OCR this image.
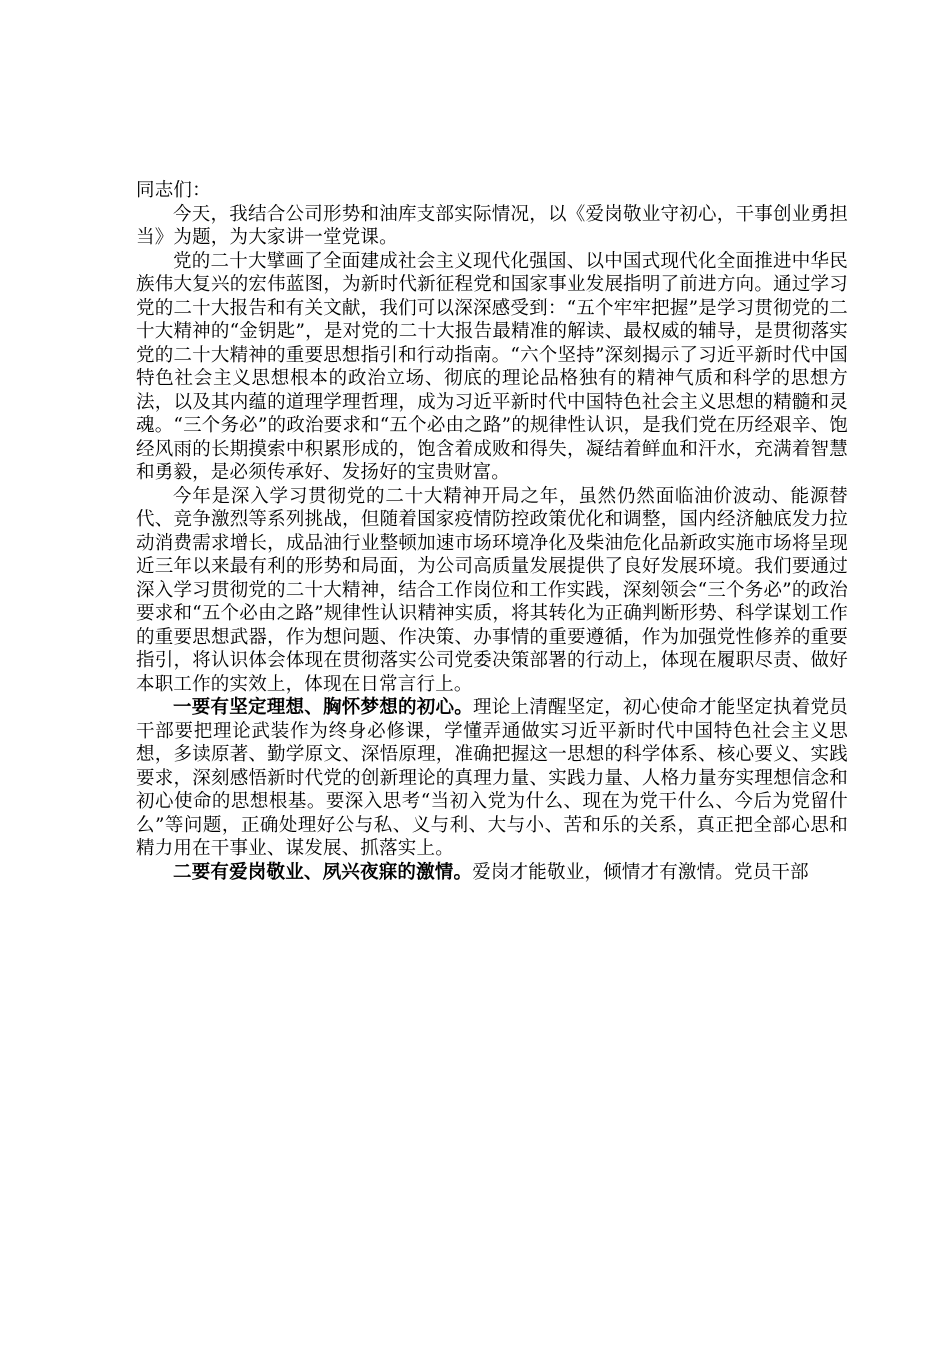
同志们：

今天，我结合公司形势和油库支部实际情况，以《爱岗敬业守初心，干事创业勇担当》为题，为大家讲一堂党课。

党的二十大擘画了全面建成社会主义现代化强国、以中国式现代化全面推进中华民族伟大复兴的宏伟蓝图，为新时代新征程党和国家事业发展指明了前进方向。通过学习党的二十大报告和有关文献，我们可以深深感受到：“五个牢牢把握”是学习贯彻党的二十大精神的“金钥匙”，是对党的二十大报告最精准的解读、最权威的辅导，是贯彻落实党的二十大精神的重要思想指引和行动指南。“六个坚持”深刻揭示了习近平新时代中国特色社会主义思想根本的政治立场、彻底的理论品格独有的精神气质和科学的思想方法，以及其内蕴的道理学理哲理，成为习近平新时代中国特色社会主义思想的精髓和灵魂。“三个务必”的政治要求和“五个必由之路”的规律性认识，是我们党在历经艰辛、饱经风雨的长期摸索中积累形成的，饱含着成败和得失，凝结着鲜血和汗水，充满着智慧和勇毅，是必须传承好、发扬好的宝贵财富。

今年是深入学习贯彻党的二十大精神开局之年，虽然仍然面临油价波动、能源替代、竞争激烈等系列挑战，但随着国家疫情防控政策优化和调整，国内经济触底发力拉动消费需求增长，成品油行业整顿加速市场环境净化及柴油危化品新政实施市场将呈现近三年以来最有利的形势和局面，为公司高质量发展提供了良好发展环境。我们要通过深入学习贯彻党的二十大精神，结合工作岗位和工作实践，深刻领会“三个务必”的政治要求和“五个必由之路”规律性认识精神实质，将其转化为正确判断形势、科学谋划工作的重要思想武器，作为想问题、作决策、办事情的重要遵循，作为加强党性修养的重要指引，将认识体会体现在贯彻落实公司党委决策部署的行动上，体现在履职尽责、做好本职工作的实效上，体现在日常言行上。

一要有坚定理想、胸怀梦想的初心。理论上清醒坚定，初心使命才能坚定执着党员干部要把理论武装作为终身必修课，学懂弄通做实习近平新时代中国特色社会主义思想，多读原著、勤学原文、深悟原理，准确把握这一思想的科学体系、核心要义、实践要求，深刻感悟新时代党的创新理论的真理力量、实践力量、人格力量夯实理想信念和初心使命的思想根基。要深入思考“当初入党为什么、现在为党干什么、今后为党留什么”等问题，正确处理好公与私、义与利、大与小、苦和乐的关系，真正把全部心思和精力用在干事业、谋发展、抓落实上。

二要有爱岗敬业、夙兴夜寐的激情。爱岗才能敬业，倾情才有激情。党员干部
